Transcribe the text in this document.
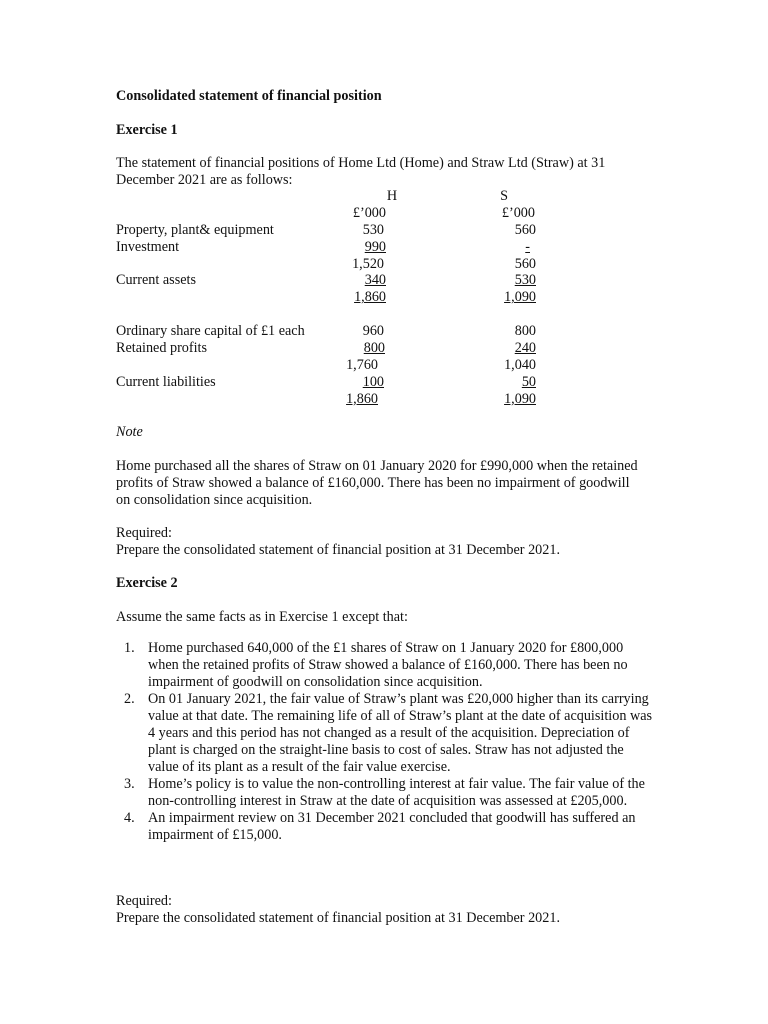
Consolidated statement of financial position

Exercise 1

The statement of financial positions of Home Ltd (Home) and Straw Ltd (Straw) at 31 December 2021 are as follows:

H	S
£’000	£’000
Property, plant& equipment	530	560
Investment	990	-
1,520	560
Current assets	340	530
1,860	1,090
Ordinary share capital of £1 each	960	800
Retained profits	800	240
1,760	1,040
Current liabilities	100	50
1,860	1,090

Note

Home purchased all the shares of Straw on 01 January 2020 for £990,000 when the retained profits of Straw showed a balance of £160,000. There has been no impairment of goodwill on consolidation since acquisition.

Required:

Prepare the consolidated statement of financial position at 31 December 2021.

Exercise 2

Assume the same facts as in Exercise 1 except that:

1. Home purchased 640,000 of the £1 shares of Straw on 1 January 2020 for £800,000 when the retained profits of Straw showed a balance of £160,000. There has been no impairment of goodwill on consolidation since acquisition.
2. On 01 January 2021, the fair value of Straw’s plant was £20,000 higher than its carrying value at that date. The remaining life of all of Straw’s plant at the date of acquisition was 4 years and this period has not changed as a result of the acquisition. Depreciation of plant is charged on the straight-line basis to cost of sales. Straw has not adjusted the value of its plant as a result of the fair value exercise.
3. Home’s policy is to value the non-controlling interest at fair value. The fair value of the non-controlling interest in Straw at the date of acquisition was assessed at £205,000.
4. An impairment review on 31 December 2021 concluded that goodwill has suffered an impairment of £15,000.

Required:

Prepare the consolidated statement of financial position at 31 December 2021.
